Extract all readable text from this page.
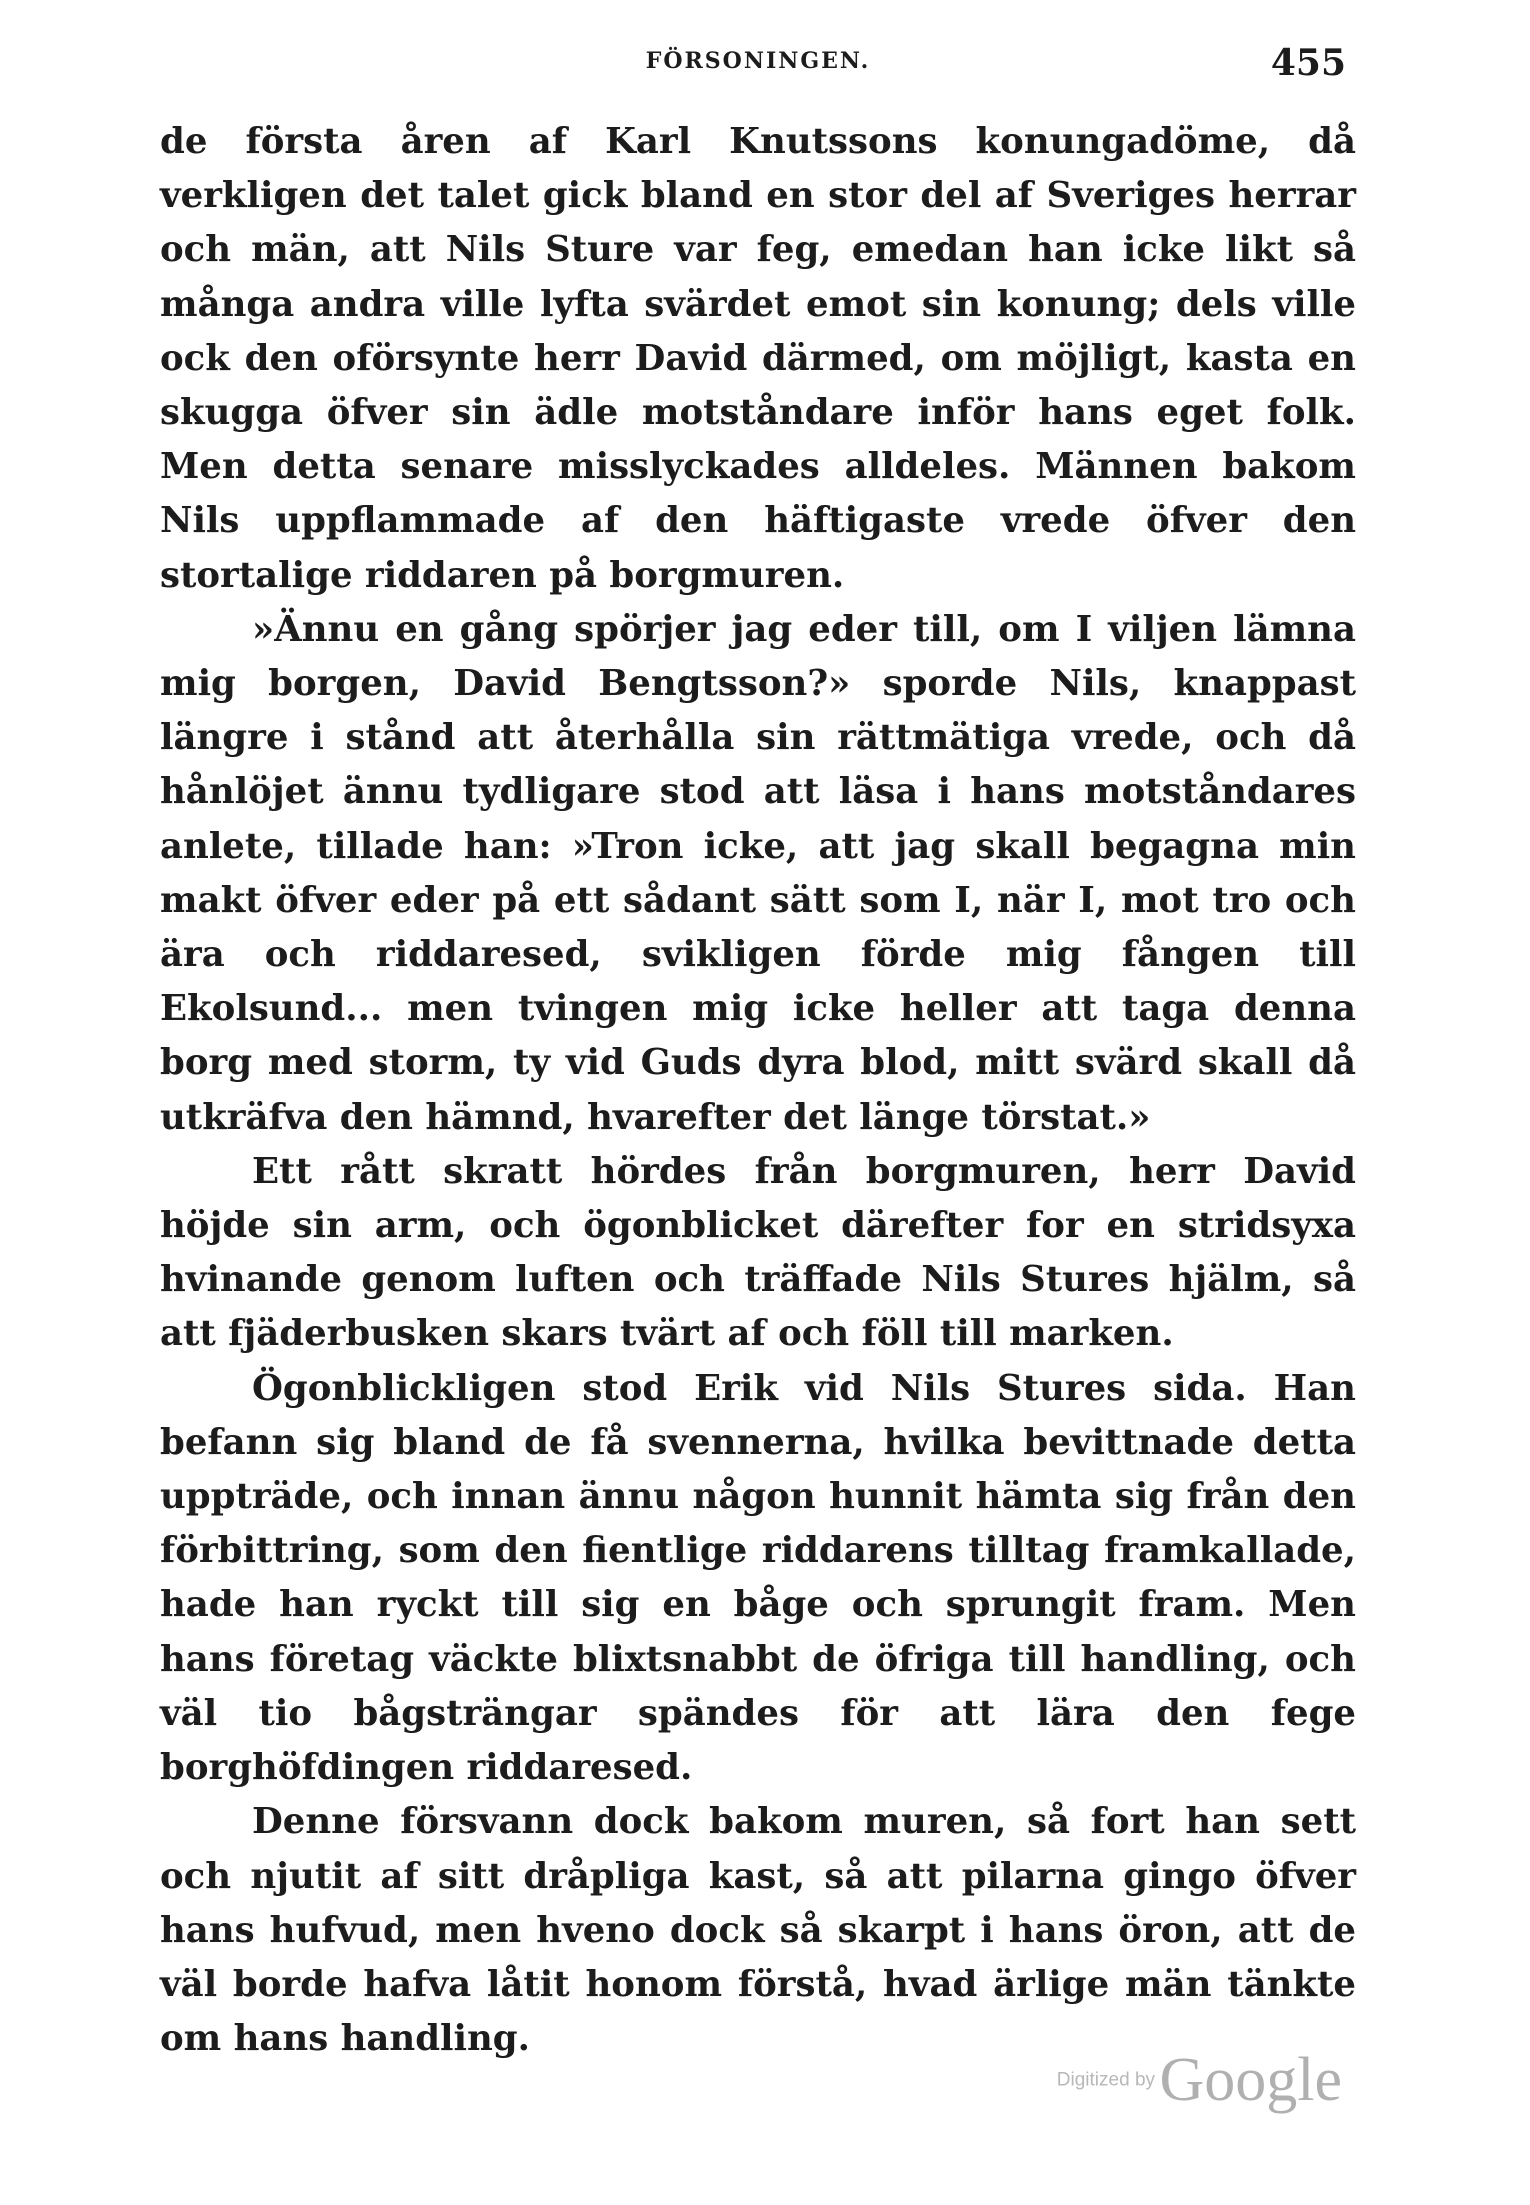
FÖRSONINGEN.	455

de första åren af Karl Knutssons konungadöme, då verkligen det talet gick bland en stor del af Sveriges herrar och män, att Nils Sture var feg, emedan han icke likt så många andra ville lyfta svärdet emot sin konung; dels ville ock den oförsynte herr David därmed, om möjligt, kasta en skugga öfver sin ädle motståndare inför hans eget folk. Men detta senare misslyckades alldeles. Männen bakom Nils uppflammade af den häftigaste vrede öfver den stortalige riddaren på borgmuren.

»Ännu en gång spörjer jag eder till, om I viljen lämna mig borgen, David Bengtsson?» sporde Nils, knappast längre i stånd att återhålla sin rättmätiga vrede, och då hånlöjet ännu tydligare stod att läsa i hans motståndares anlete, tillade han: »Tron icke, att jag skall begagna min makt öfver eder på ett sådant sätt som I, när I, mot tro och ära och riddaresed, svikligen förde mig fången till Ekolsund... men tvingen mig icke heller att taga denna borg med storm, ty vid Guds dyra blod, mitt svärd skall då utkräfva den hämnd, hvarefter det länge törstat.»

Ett rått skratt hördes från borgmuren, herr David höjde sin arm, och ögonblicket därefter for en stridsyxa hvinande genom luften och träffade Nils Stures hjälm, så att fjäderbusken skars tvärt af och föll till marken.

Ögonblickligen stod Erik vid Nils Stures sida. Han befann sig bland de få svennerna, hvilka bevittnade detta uppträde, och innan ännu någon hunnit hämta sig från den förbittring, som den fientlige riddarens tilltag framkallade, hade han ryckt till sig en båge och sprungit fram. Men hans företag väckte blixtsnabbt de öfriga till handling, och väl tio bågsträngar spändes för att lära den fege borghöfdingen riddaresed.

Denne försvann dock bakom muren, så fort han sett och njutit af sitt dråpliga kast, så att pilarna gingo öfver hans hufvud, men hveno dock så skarpt i hans öron, att de väl borde hafva låtit honom förstå, hvad ärlige män tänkte om hans handling.

Digitized by Google
